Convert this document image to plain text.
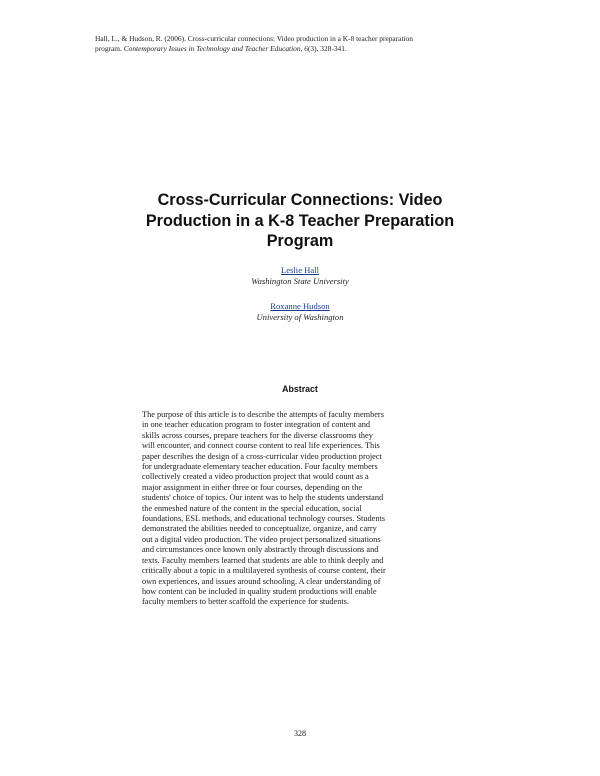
Hall, L., & Hudson, R. (2006). Cross-curricular connections: Video production in a K-8 teacher preparation
program. Contemporary Issues in Technology and Teacher Education, 6(3), 328-341.
Cross-Curricular Connections: Video
Production in a K-8 Teacher Preparation
Program
Leslie Hall
Washington State University
Roxanne Hudson
University of Washington
Abstract
The purpose of this article is to describe the attempts of faculty members
in one teacher education program to foster integration of content and
skills across courses, prepare teachers for the diverse classrooms they
will encounter, and connect course content to real life experiences. This
paper describes the design of a cross-curricular video production project
for undergraduate elementary teacher education. Four faculty members
collectively created a video production project that would count as a
major assignment in either three or four courses, depending on the
students' choice of topics. Our intent was to help the students understand
the enmeshed nature of the content in the special education, social
foundations, ESL methods, and educational technology courses. Students
demonstrated the abilities needed to conceptualize, organize, and carry
out a digital video production. The video project personalized situations
and circumstances once known only abstractly through discussions and
texts. Faculty members learned that students are able to think deeply and
critically about a topic in a multilayered synthesis of course content, their
own experiences, and issues around schooling. A clear understanding of
how content can be included in quality student productions will enable
faculty members to better scaffold the experience for students.
328
